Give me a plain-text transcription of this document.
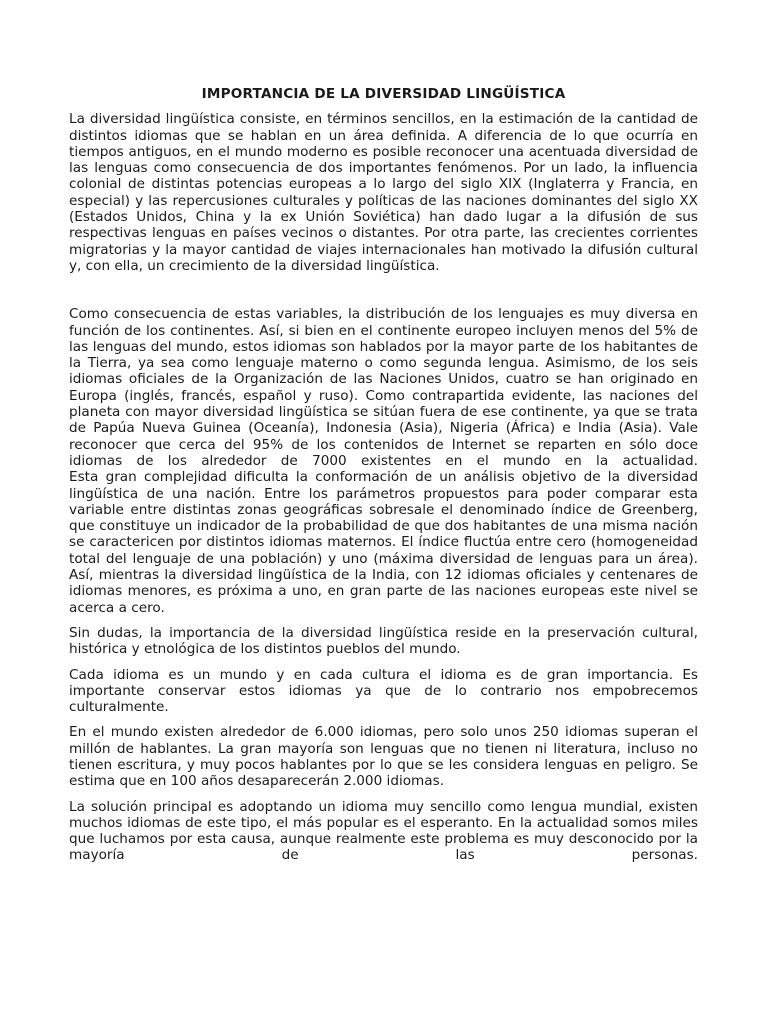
IMPORTANCIA DE LA DIVERSIDAD LINGÜÍSTICA

La diversidad lingüística consiste, en términos sencillos, en la estimación de la cantidad de distintos idiomas que se hablan en un área definida. A diferencia de lo que ocurría en tiempos antiguos, en el mundo moderno es posible reconocer una acentuada diversidad de las lenguas como consecuencia de dos importantes fenómenos. Por un lado, la influencia colonial de distintas potencias europeas a lo largo del siglo XIX (Inglaterra y Francia, en especial) y las repercusiones culturales y políticas de las naciones dominantes del siglo XX (Estados Unidos, China y la ex Unión Soviética) han dado lugar a la difusión de sus respectivas lenguas en países vecinos o distantes. Por otra parte, las crecientes corrientes migratorias y la mayor cantidad de viajes internacionales han motivado la difusión cultural y, con ella, un crecimiento de la diversidad lingüística.

Como consecuencia de estas variables, la distribución de los lenguajes es muy diversa en función de los continentes. Así, si bien en el continente europeo incluyen menos del 5% de las lenguas del mundo, estos idiomas son hablados por la mayor parte de los habitantes de la Tierra, ya sea como lenguaje materno o como segunda lengua. Asimismo, de los seis idiomas oficiales de la Organización de las Naciones Unidos, cuatro se han originado en Europa (inglés, francés, español y ruso). Como contrapartida evidente, las naciones del planeta con mayor diversidad lingüística se sitúan fuera de ese continente, ya que se trata de Papúa Nueva Guinea (Oceanía), Indonesia (Asia), Nigeria (África) e India (Asia). Vale reconocer que cerca del 95% de los contenidos de Internet se reparten en sólo doce idiomas de los alrededor de 7000 existentes en el mundo en la actualidad.

Esta gran complejidad dificulta la conformación de un análisis objetivo de la diversidad lingüística de una nación. Entre los parámetros propuestos para poder comparar esta variable entre distintas zonas geográficas sobresale el denominado índice de Greenberg, que constituye un indicador de la probabilidad de que dos habitantes de una misma nación se caractericen por distintos idiomas maternos. El índice fluctúa entre cero (homogeneidad total del lenguaje de una población) y uno (máxima diversidad de lenguas para un área). Así, mientras la diversidad lingüística de la India, con 12 idiomas oficiales y centenares de idiomas menores, es próxima a uno, en gran parte de las naciones europeas este nivel se acerca a cero.

Sin dudas, la importancia de la diversidad lingüística reside en la preservación cultural, histórica y etnológica de los distintos pueblos del mundo.

Cada idioma es un mundo y en cada cultura el idioma es de gran importancia. Es importante conservar estos idiomas ya que de lo contrario nos empobrecemos culturalmente.

En el mundo existen alrededor de 6.000 idiomas, pero solo unos 250 idiomas superan el millón de hablantes. La gran mayoría son lenguas que no tienen ni literatura, incluso no tienen escritura, y muy pocos hablantes por lo que se les considera lenguas en peligro. Se estima que en 100 años desaparecerán 2.000 idiomas.

La solución principal es adoptando un idioma muy sencillo como lengua mundial, existen muchos idiomas de este tipo, el más popular es el esperanto. En la actualidad somos miles que luchamos por esta causa, aunque realmente este problema es muy desconocido por la mayoría de las personas.
